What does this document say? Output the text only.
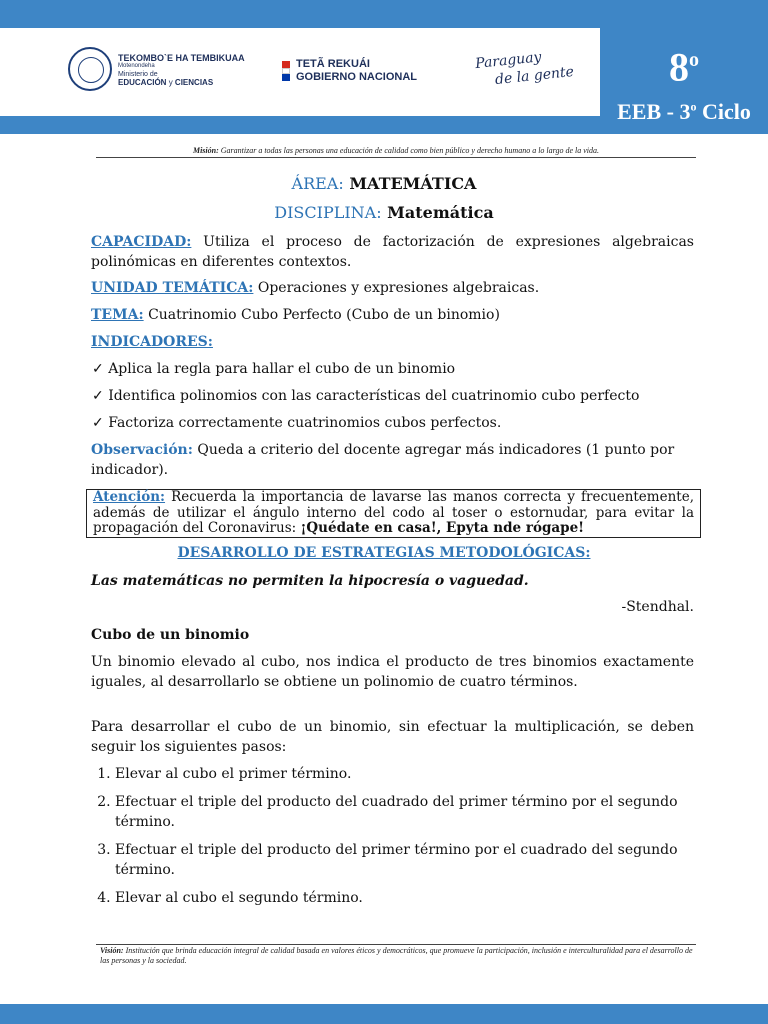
TEKOMBO`E HA TEMBIKUAA
Motenondeha
Ministerio de
EDUCACIÓN y CIENCIAS
TETÃ REKUÁI
GOBIERNO NACIONAL
Paraguay
de la gente	8$^o$
EEB - 3$^o$ Ciclo
Misión: Garantizar a todas las personas una educación de calidad como bien público y derecho humano a lo largo de la vida.
ÁREA: MATEMÁTICA
DISCIPLINA: Matemática
CAPACIDAD: Utiliza el proceso de factorización de expresiones algebraicas polinómicas en diferentes contextos.
UNIDAD TEMÁTICA: Operaciones y expresiones algebraicas.
TEMA: Cuatrinomio Cubo Perfecto (Cubo de un binomio)
INDICADORES:
✓ Aplica la regla para hallar el cubo de un binomio
✓ Identifica polinomios con las características del cuatrinomio cubo perfecto
✓ Factoriza correctamente cuatrinomios cubos perfectos.
Observación: Queda a criterio del docente agregar más indicadores (1 punto por indicador).
Atención: Recuerda la importancia de lavarse las manos correcta y frecuentemente, además de utilizar el ángulo interno del codo al toser o estornudar, para evitar la propagación del Coronavirus: ¡Quédate en casa!, Epyta nde rógape!
DESARROLLO DE ESTRATEGIAS METODOLÓGICAS:
Las matemáticas no permiten la hipocresía o vaguedad.
-Stendhal.
Cubo de un binomio
Un binomio elevado al cubo, nos indica el producto de tres binomios exactamente iguales, al desarrollarlo se obtiene un polinomio de cuatro términos.
Para desarrollar el cubo de un binomio, sin efectuar la multiplicación, se deben seguir los siguientes pasos:
1. Elevar al cubo el primer término.
2. Efectuar el triple del producto del cuadrado del primer término por el segundo término.
3. Efectuar el triple del producto del primer término por el cuadrado del segundo término.
4. Elevar al cubo el segundo término.
Visión: Institución que brinda educación integral de calidad basada en valores éticos y democráticos, que promueve la participación, inclusión e interculturalidad para el desarrollo de las personas y la sociedad.
